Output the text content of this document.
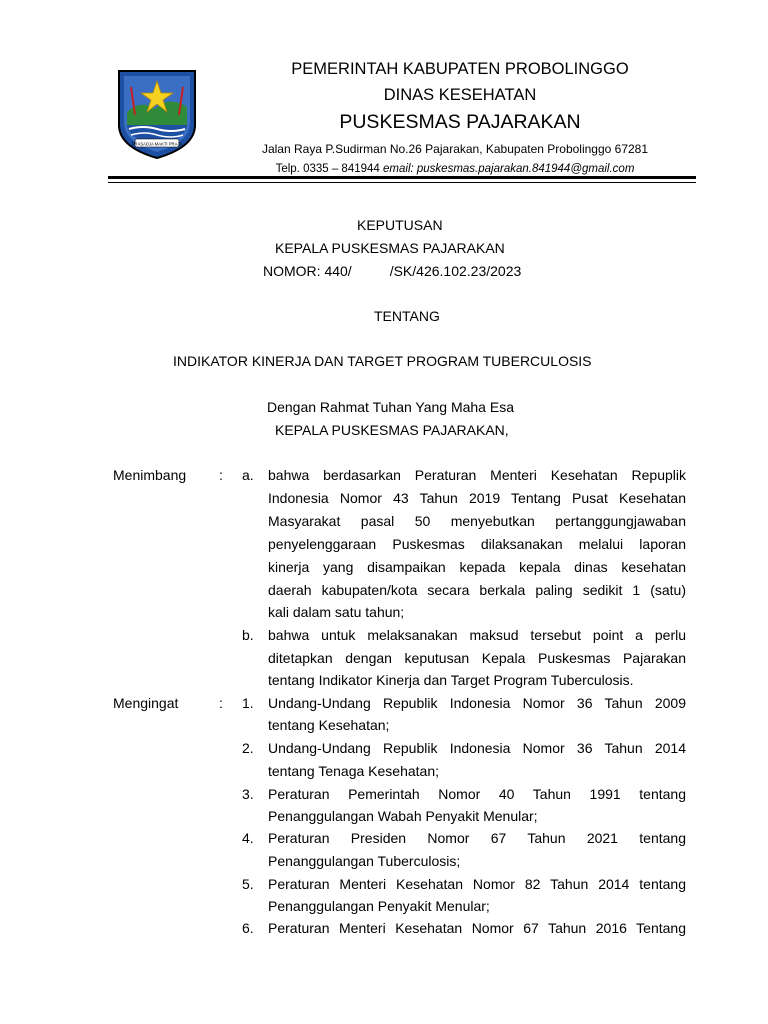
PRASADJA MAKTI PRAJA
PEMERINTAH KABUPATEN PROBOLINGGO
DINAS KESEHATAN
PUSKESMAS PAJARAKAN
Jalan Raya P.Sudirman No.26 Pajarakan, Kabupaten Probolinggo 67281
Telp. 0335 – 841944 email: puskesmas.pajarakan.841944@gmail.com
KEPUTUSAN
KEPALA PUSKESMAS PAJARAKAN
NOMOR: 440/	/SK/426.102.23/2023
TENTANG
INDIKATOR KINERJA DAN TARGET PROGRAM TUBERCULOSIS
Dengan Rahmat Tuhan Yang Maha Esa
KEPALA PUSKESMAS PAJARAKAN,
Menimbang : a. bahwa berdasarkan Peraturan Menteri Kesehatan Repuplik
Indonesia Nomor 43 Tahun 2019 Tentang Pusat Kesehatan
Masyarakat pasal 50 menyebutkan pertanggungjawaban
penyelenggaraan Puskesmas dilaksanakan melalui laporan
kinerja yang disampaikan kepada kepala dinas kesehatan
daerah kabupaten/kota secara berkala paling sedikit 1 (satu)
kali dalam satu tahun;
b. bahwa untuk melaksanakan maksud tersebut point a perlu
ditetapkan dengan keputusan Kepala Puskesmas Pajarakan
tentang Indikator Kinerja dan Target Program Tuberculosis.
Mengingat	: 1. Undang-Undang Republik Indonesia Nomor 36 Tahun 2009
tentang Kesehatan;
2. Undang-Undang Republik Indonesia Nomor 36 Tahun 2014
tentang Tenaga Kesehatan;
3. Peraturan Pemerintah Nomor 40 Tahun 1991 tentang
Penanggulangan Wabah Penyakit Menular;
4. Peraturan Presiden Nomor 67 Tahun 2021 tentang
Penanggulangan Tuberculosis;
5. Peraturan Menteri Kesehatan Nomor 82 Tahun 2014 tentang
Penanggulangan Penyakit Menular;
6. Peraturan Menteri Kesehatan Nomor 67 Tahun 2016 Tentang
